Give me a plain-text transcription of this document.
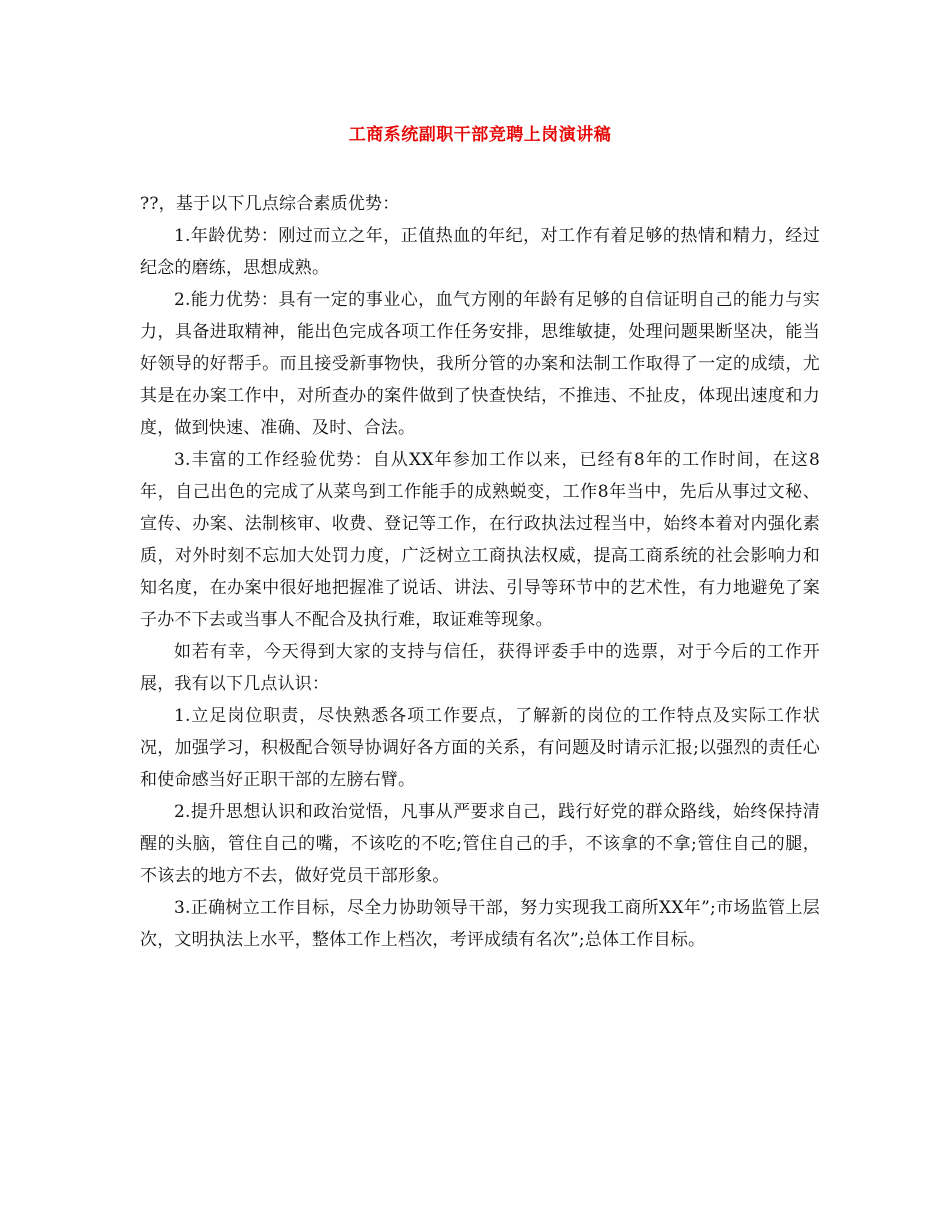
工商系统副职干部竞聘上岗演讲稿

??，基于以下几点综合素质优势：

1.年龄优势：刚过而立之年，正值热血的年纪，对工作有着足够的热情和精力，经过纪念的磨练，思想成熟。

2.能力优势：具有一定的事业心，血气方刚的年龄有足够的自信证明自己的能力与实力，具备进取精神，能出色完成各项工作任务安排，思维敏捷，处理问题果断坚决，能当好领导的好帮手。而且接受新事物快，我所分管的办案和法制工作取得了一定的成绩，尤其是在办案工作中，对所查办的案件做到了快查快结，不推违、不扯皮，体现出速度和力度，做到快速、准确、及时、合法。

3.丰富的工作经验优势：自从XX年参加工作以来，已经有8年的工作时间，在这8年，自己出色的完成了从菜鸟到工作能手的成熟蜕变，工作8年当中，先后从事过文秘、宣传、办案、法制核审、收费、登记等工作，在行政执法过程当中，始终本着对内强化素质，对外时刻不忘加大处罚力度，广泛树立工商执法权威，提高工商系统的社会影响力和知名度，在办案中很好地把握准了说话、讲法、引导等环节中的艺术性，有力地避免了案子办不下去或当事人不配合及执行难，取证难等现象。

如若有幸，今天得到大家的支持与信任，获得评委手中的选票，对于今后的工作开展，我有以下几点认识：

1.立足岗位职责，尽快熟悉各项工作要点，了解新的岗位的工作特点及实际工作状况，加强学习，积极配合领导协调好各方面的关系，有问题及时请示汇报;以强烈的责任心和使命感当好正职干部的左膀右臂。

2.提升思想认识和政治觉悟，凡事从严要求自己，践行好党的群众路线，始终保持清醒的头脑，管住自己的嘴，不该吃的不吃;管住自己的手，不该拿的不拿;管住自己的腿，不该去的地方不去，做好党员干部形象。

3.正确树立工作目标，尽全力协助领导干部，努力实现我工商所XX年”;市场监管上层次，文明执法上水平，整体工作上档次，考评成绩有名次”;总体工作目标。
